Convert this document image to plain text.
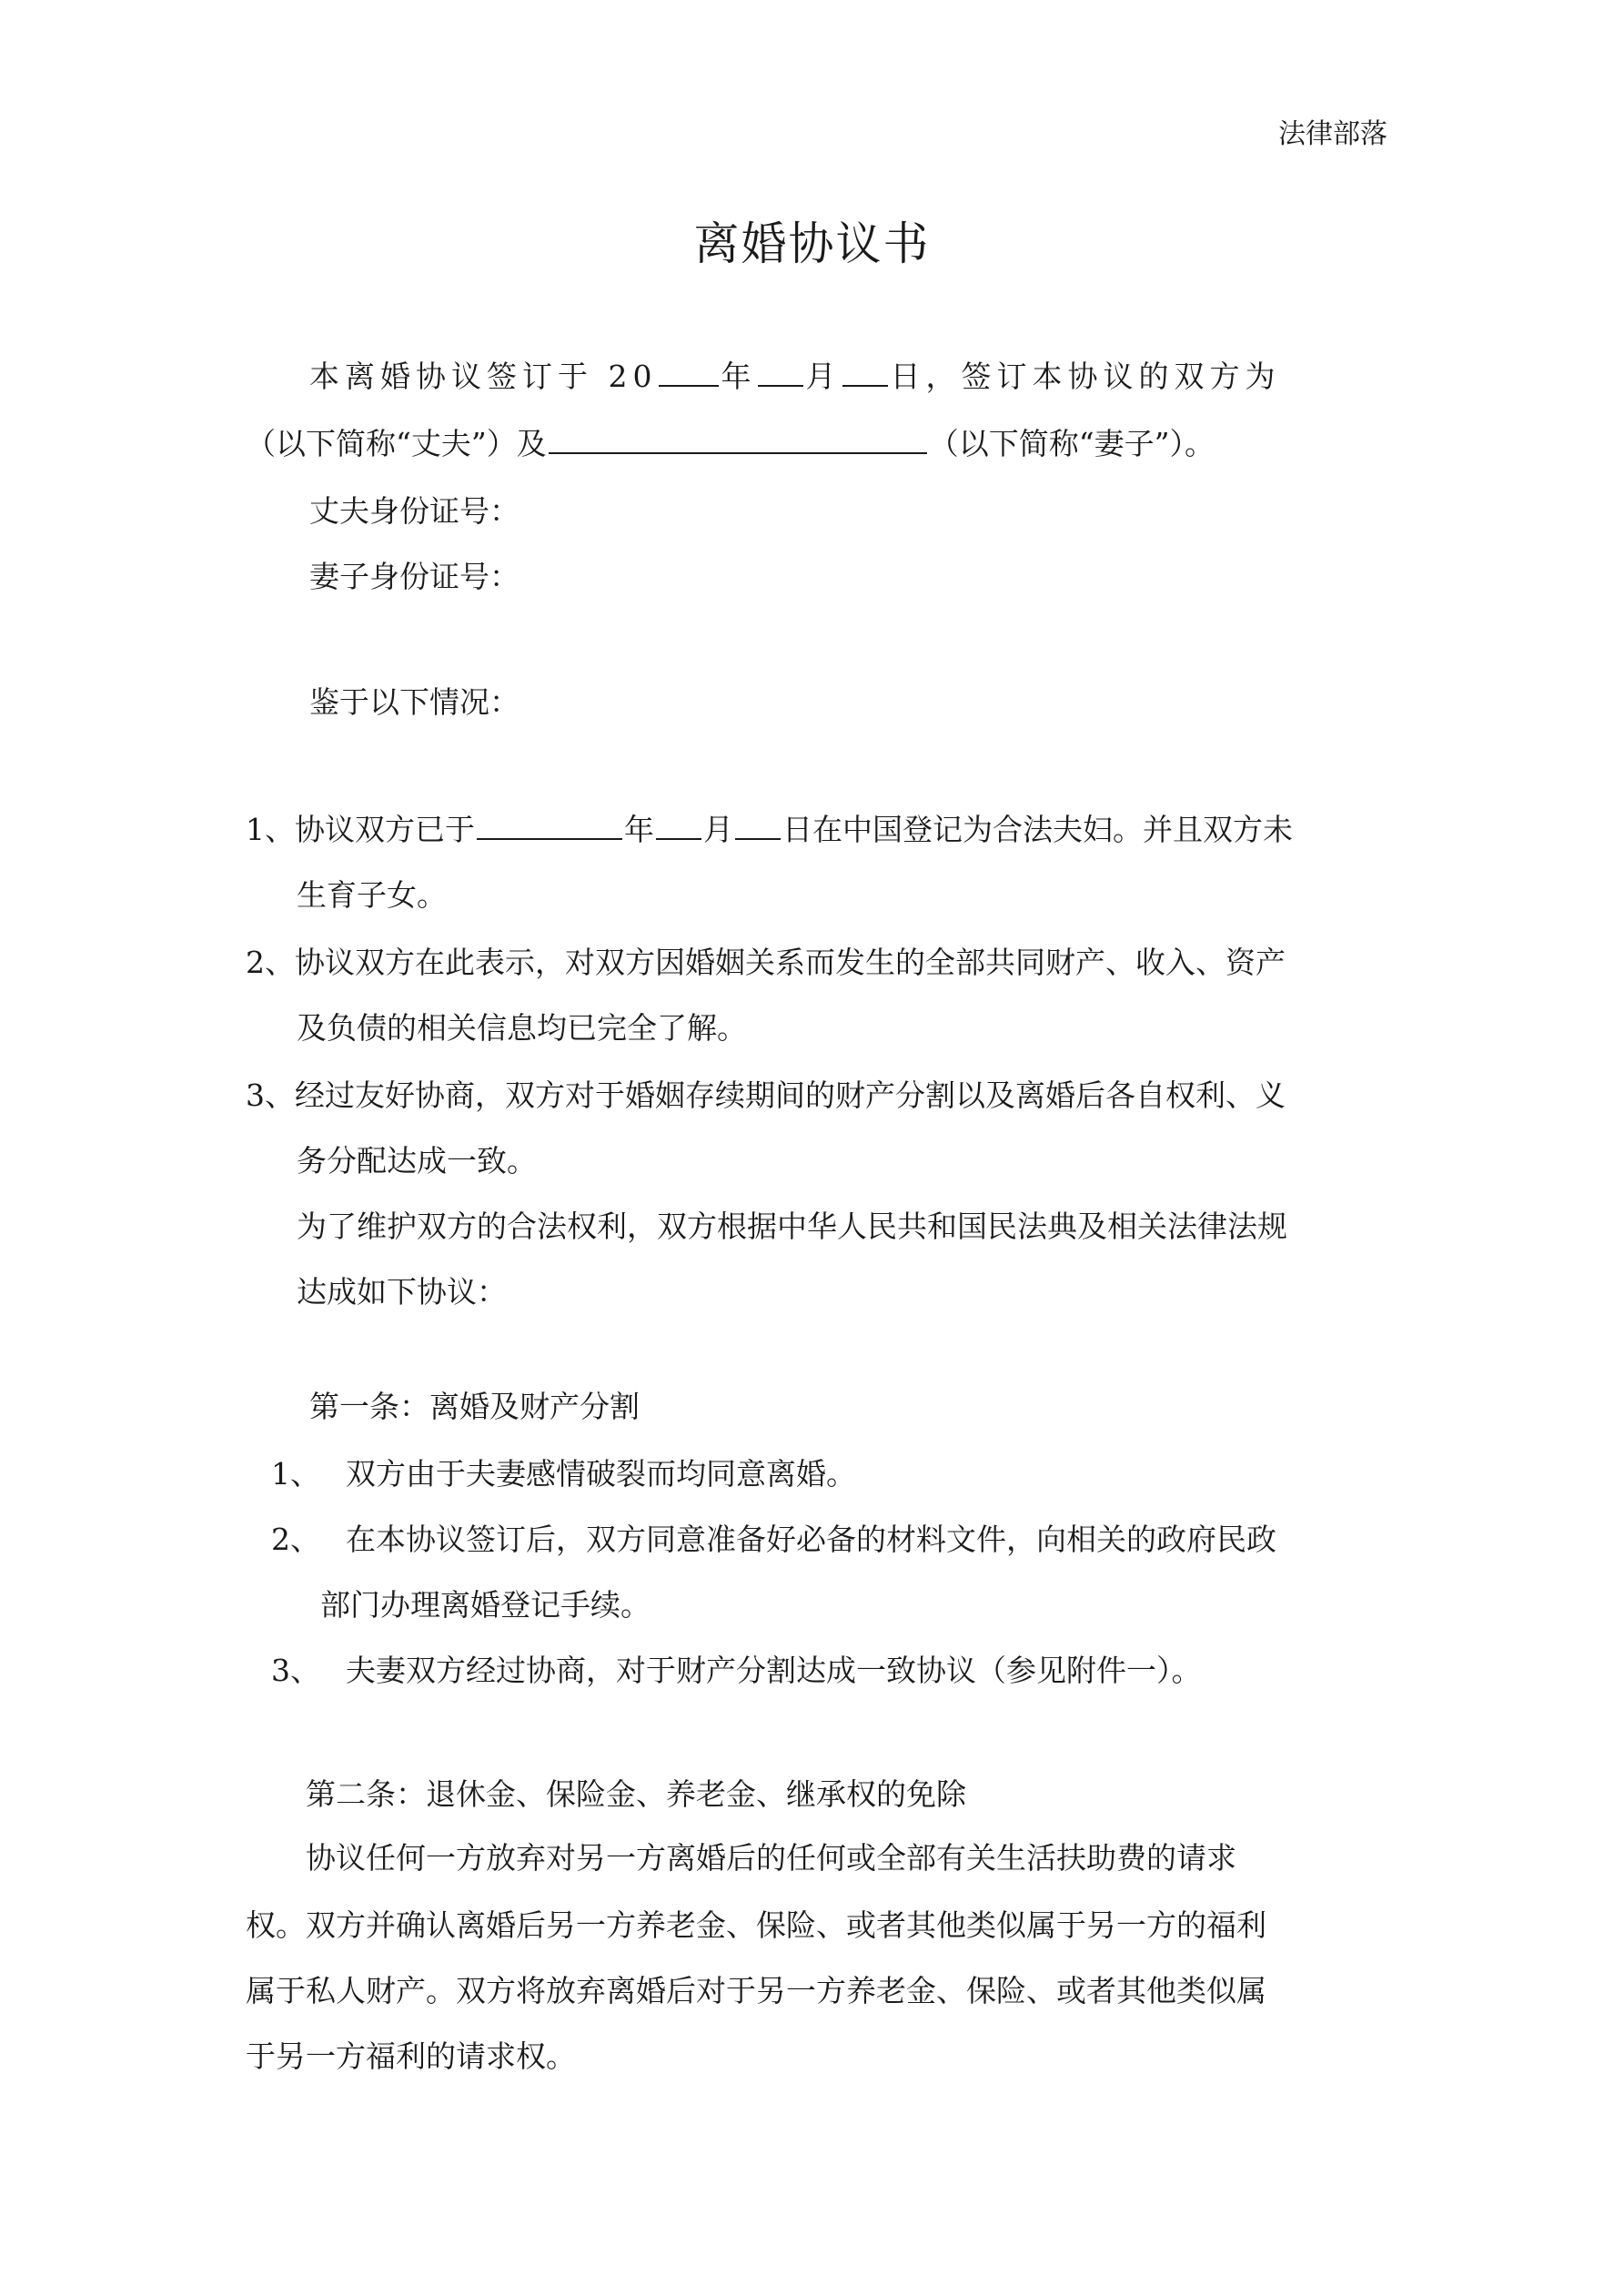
法律部落
离婚协议书
本离婚协议签订于 20 年 月 日，签订本协议的双方为
（以下简称“丈夫”）及	（以下简称“妻子”）。
丈夫身份证号：
妻子身份证号：
鉴于以下情况：
1、协议双方已于	年 月 日在中国登记为合法夫妇。并且双方未
生育子女。
2、协议双方在此表示，对双方因婚姻关系而发生的全部共同财产、收入、资产
及负债的相关信息均已完全了解。
3、经过友好协商，双方对于婚姻存续期间的财产分割以及离婚后各自权利、义
务分配达成一致。
为了维护双方的合法权利，双方根据中华人民共和国民法典及相关法律法规
达成如下协议：
第一条：离婚及财产分割
1、 双方由于夫妻感情破裂而均同意离婚。
2、 在本协议签订后，双方同意准备好必备的材料文件，向相关的政府民政
部门办理离婚登记手续。
3、 夫妻双方经过协商，对于财产分割达成一致协议（参见附件一）。
第二条：退休金、保险金、养老金、继承权的免除
协议任何一方放弃对另一方离婚后的任何或全部有关生活扶助费的请求
权。双方并确认离婚后另一方养老金、保险、或者其他类似属于另一方的福利
属于私人财产。双方将放弃离婚后对于另一方养老金、保险、或者其他类似属
于另一方福利的请求权。
